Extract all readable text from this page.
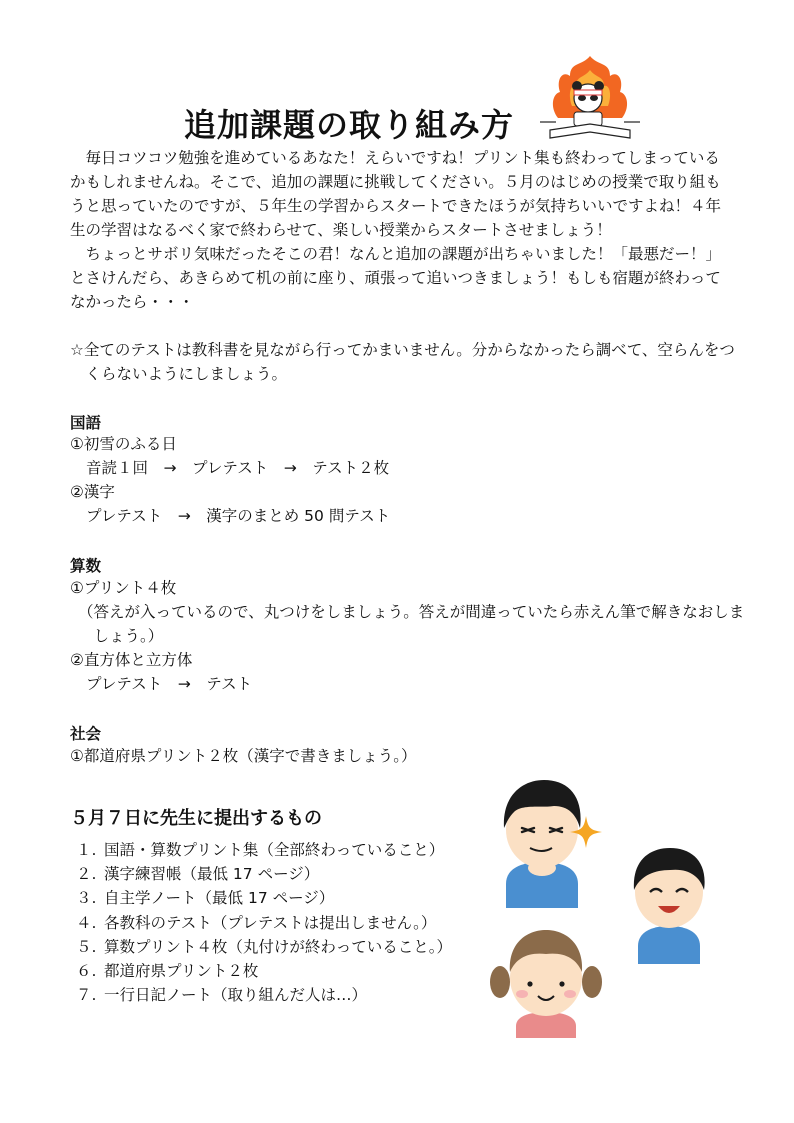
追加課題の取り組み方

毎日コツコツ勉強を進めているあなた！えらいですね！プリント集も終わってしまっているかもしれませんね。そこで、追加の課題に挑戦してください。５月のはじめの授業で取り組もうと思っていたのですが、５年生の学習からスタートできたほうが気持ちいいですよね！４年生の学習はなるべく家で終わらせて、楽しい授業からスタートさせましょう！

ちょっとサボリ気味だったそこの君！なんと追加の課題が出ちゃいました！「最悪だー！」とさけんだら、あきらめて机の前に座り、頑張って追いつきましょう！もしも宿題が終わってなかったら・・・

☆全てのテストは教科書を見ながら行ってかまいません。分からなかったら調べて、空らんをつくらないようにしましょう。

国語

①初雪のふる日

音読１回　→　プレテスト　→　テスト２枚

②漢字

プレテスト　→　漢字のまとめ 50 問テスト

算数

①プリント４枚

（答えが入っているので、丸つけをしましょう。答えが間違っていたら赤えん筆で解きなおしましょう。）

②直方体と立方体

プレテスト　→　テスト

社会

①都道府県プリント２枚（漢字で書きましょう。）

５月７日に先生に提出するもの
１. 国語・算数プリント集（全部終わっていること）
２. 漢字練習帳（最低 17 ページ）
３. 自主学ノート（最低 17 ページ）
４. 各教科のテスト（プレテストは提出しません。）
５. 算数プリント４枚（丸付けが終わっていること。）
６. 都道府県プリント２枚
７. 一行日記ノート（取り組んだ人は…）
